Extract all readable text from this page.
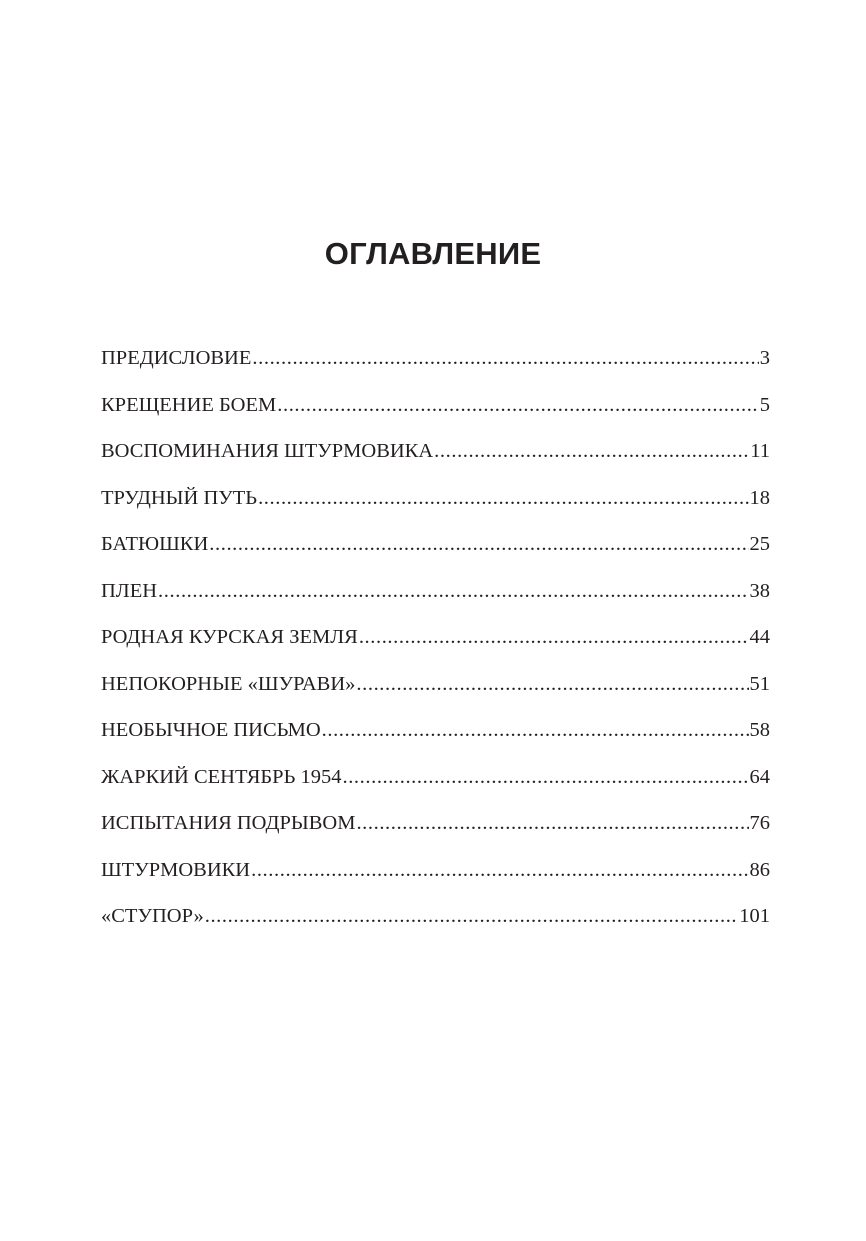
ОГЛАВЛЕНИЕ
ПРЕДИСЛОВИЕ .....	3
КРЕЩЕНИЕ БОЕМ .....	5
ВОСПОМИНАНИЯ ШТУРМОВИКА .....	11
ТРУДНЫЙ ПУТЬ .....	18
БАТЮШКИ .....	25
ПЛЕН .....	38
РОДНАЯ КУРСКАЯ ЗЕМЛЯ .....	44
НЕПОКОРНЫЕ «ШУРАВИ» .....	51
НЕОБЫЧНОЕ ПИСЬМО .....	58
ЖАРКИЙ СЕНТЯБРЬ 1954 .....	64
ИСПЫТАНИЯ ПОДРЫВОМ .....	76
ШТУРМОВИКИ .....	86
«СТУПОР» .....	101
